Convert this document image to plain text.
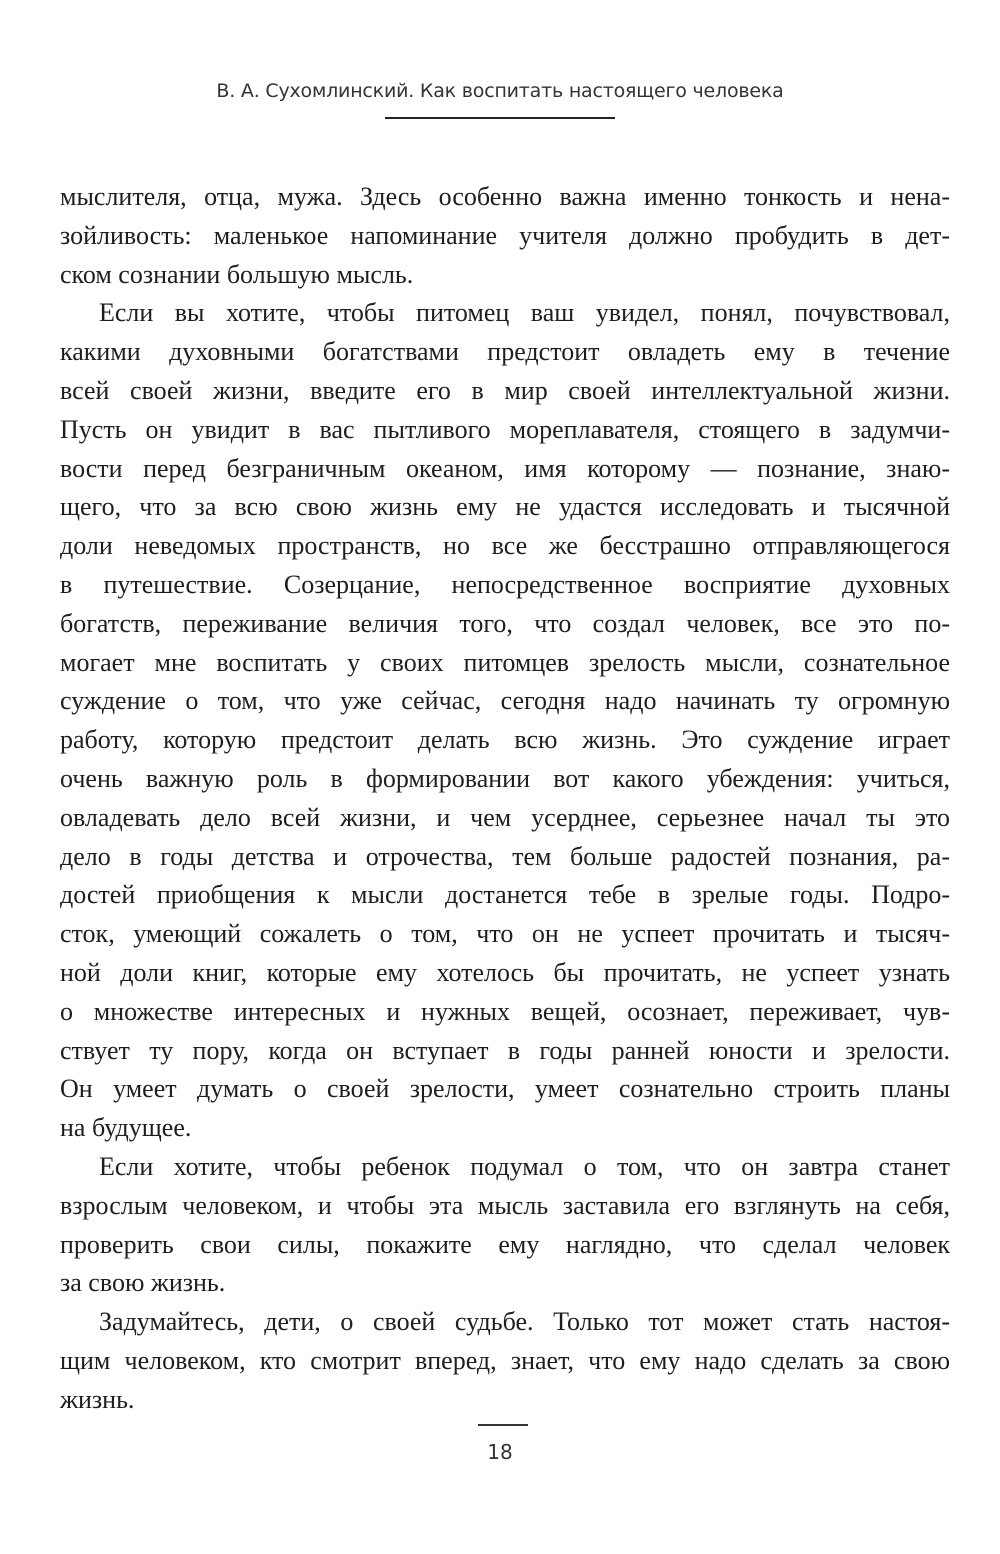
В. А. Сухомлинский. Как воспитать настоящего человека
мыслителя, отца, мужа. Здесь особенно важна именно тонкость и нена-
зойливость: маленькое напоминание учителя должно пробудить в дет-
ском сознании большую мысль.
Если вы хотите, чтобы питомец ваш увидел, понял, почувствовал,
какими духовными богатствами предстоит овладеть ему в течение
всей своей жизни, введите его в мир своей интеллектуальной жизни.
Пусть он увидит в вас пытливого мореплавателя, стоящего в задумчи-
вости перед безграничным океаном, имя которому — познание, знаю-
щего, что за всю свою жизнь ему не удастся исследовать и тысячной
доли неведомых пространств, но все же бесстрашно отправляющегося
в путешествие. Созерцание, непосредственное восприятие духовных
богатств, переживание величия того, что создал человек, все это по-
могает мне воспитать у своих питомцев зрелость мысли, сознательное
суждение о том, что уже сейчас, сегодня надо начинать ту огромную
работу, которую предстоит делать всю жизнь. Это суждение играет
очень важную роль в формировании вот какого убеждения: учиться,
овладевать дело всей жизни, и чем усерднее, серьезнее начал ты это
дело в годы детства и отрочества, тем больше радостей познания, ра-
достей приобщения к мысли достанется тебе в зрелые годы. Подро-
сток, умеющий сожалеть о том, что он не успеет прочитать и тысяч-
ной доли книг, которые ему хотелось бы прочитать, не успеет узнать
о множестве интересных и нужных вещей, осознает, переживает, чув-
ствует ту пору, когда он вступает в годы ранней юности и зрелости.
Он умеет думать о своей зрелости, умеет сознательно строить планы
на будущее.
Если хотите, чтобы ребенок подумал о том, что он завтра станет
взрослым человеком, и чтобы эта мысль заставила его взглянуть на себя,
проверить свои силы, покажите ему наглядно, что сделал человек
за свою жизнь.
Задумайтесь, дети, о своей судьбе. Только тот может стать настоя-
щим человеком, кто смотрит вперед, знает, что ему надо сделать за свою
жизнь.
18
